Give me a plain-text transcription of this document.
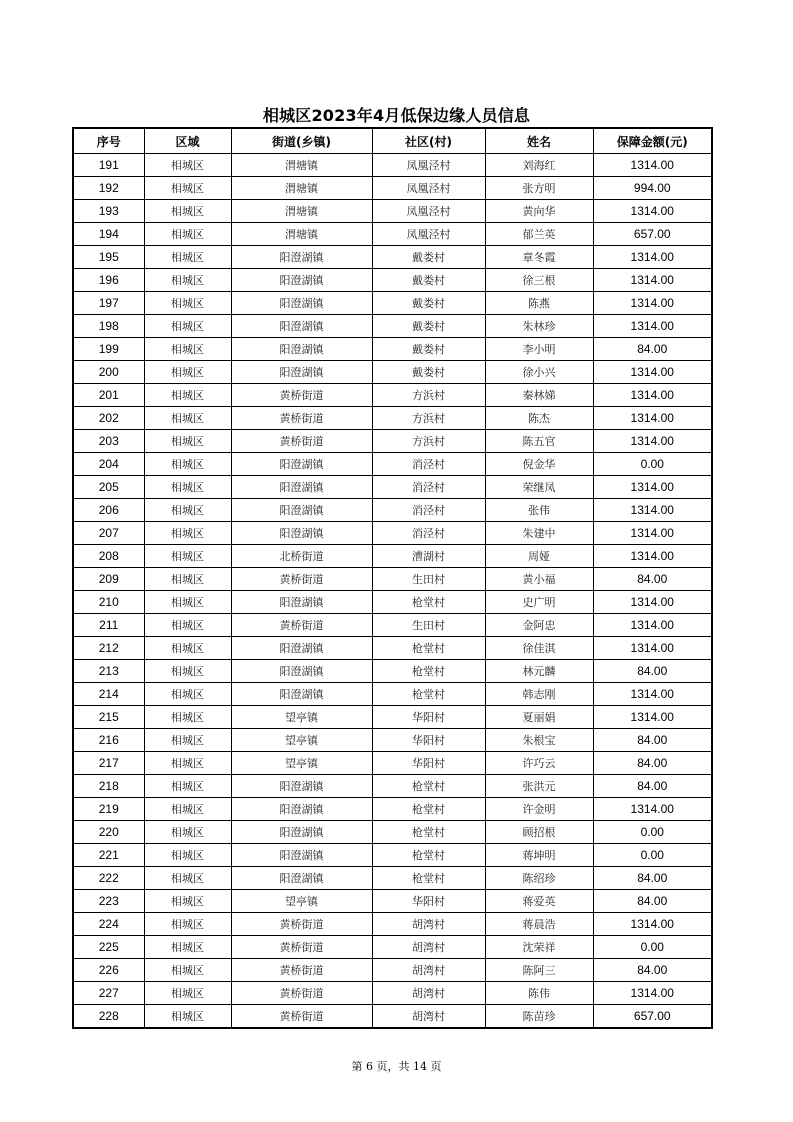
相城区2023年4月低保边缘人员信息
序号	区域	街道(乡镇)	社区(村)	姓名	保障金额(元)
191	相城区	渭塘镇	凤凰泾村	刘海红	1314.00
192	相城区	渭塘镇	凤凰泾村	张方明	994.00
193	相城区	渭塘镇	凤凰泾村	黄向华	1314.00
194	相城区	渭塘镇	凤凰泾村	郁兰英	657.00
195	相城区	阳澄湖镇	戴娄村	章冬霞	1314.00
196	相城区	阳澄湖镇	戴娄村	徐三根	1314.00
197	相城区	阳澄湖镇	戴娄村	陈燕	1314.00
198	相城区	阳澄湖镇	戴娄村	朱林珍	1314.00
199	相城区	阳澄湖镇	戴娄村	李小明	84.00
200	相城区	阳澄湖镇	戴娄村	徐小兴	1314.00
201	相城区	黄桥街道	方浜村	秦林娣	1314.00
202	相城区	黄桥街道	方浜村	陈杰	1314.00
203	相城区	黄桥街道	方浜村	陈五官	1314.00
204	相城区	阳澄湖镇	消泾村	倪金华	0.00
205	相城区	阳澄湖镇	消泾村	荣继凤	1314.00
206	相城区	阳澄湖镇	消泾村	张伟	1314.00
207	相城区	阳澄湖镇	消泾村	朱建中	1314.00
208	相城区	北桥街道	漕湖村	周娅	1314.00
209	相城区	黄桥街道	生田村	黄小福	84.00
210	相城区	阳澄湖镇	枪堂村	史广明	1314.00
211	相城区	黄桥街道	生田村	金阿忠	1314.00
212	相城区	阳澄湖镇	枪堂村	徐佳淇	1314.00
213	相城区	阳澄湖镇	枪堂村	林元麟	84.00
214	相城区	阳澄湖镇	枪堂村	韩志刚	1314.00
215	相城区	望亭镇	华阳村	夏丽娟	1314.00
216	相城区	望亭镇	华阳村	朱根宝	84.00
217	相城区	望亭镇	华阳村	许巧云	84.00
218	相城区	阳澄湖镇	枪堂村	张洪元	84.00
219	相城区	阳澄湖镇	枪堂村	许金明	1314.00
220	相城区	阳澄湖镇	枪堂村	顾招根	0.00
221	相城区	阳澄湖镇	枪堂村	蒋坤明	0.00
222	相城区	阳澄湖镇	枪堂村	陈绍珍	84.00
223	相城区	望亭镇	华阳村	蒋爱英	84.00
224	相城区	黄桥街道	胡湾村	蒋晨浩	1314.00
225	相城区	黄桥街道	胡湾村	沈荣祥	0.00
226	相城区	黄桥街道	胡湾村	陈阿三	84.00
227	相城区	黄桥街道	胡湾村	陈伟	1314.00
228	相城区	黄桥街道	胡湾村	陈苗珍	657.00
第 6 页，共 14 页
